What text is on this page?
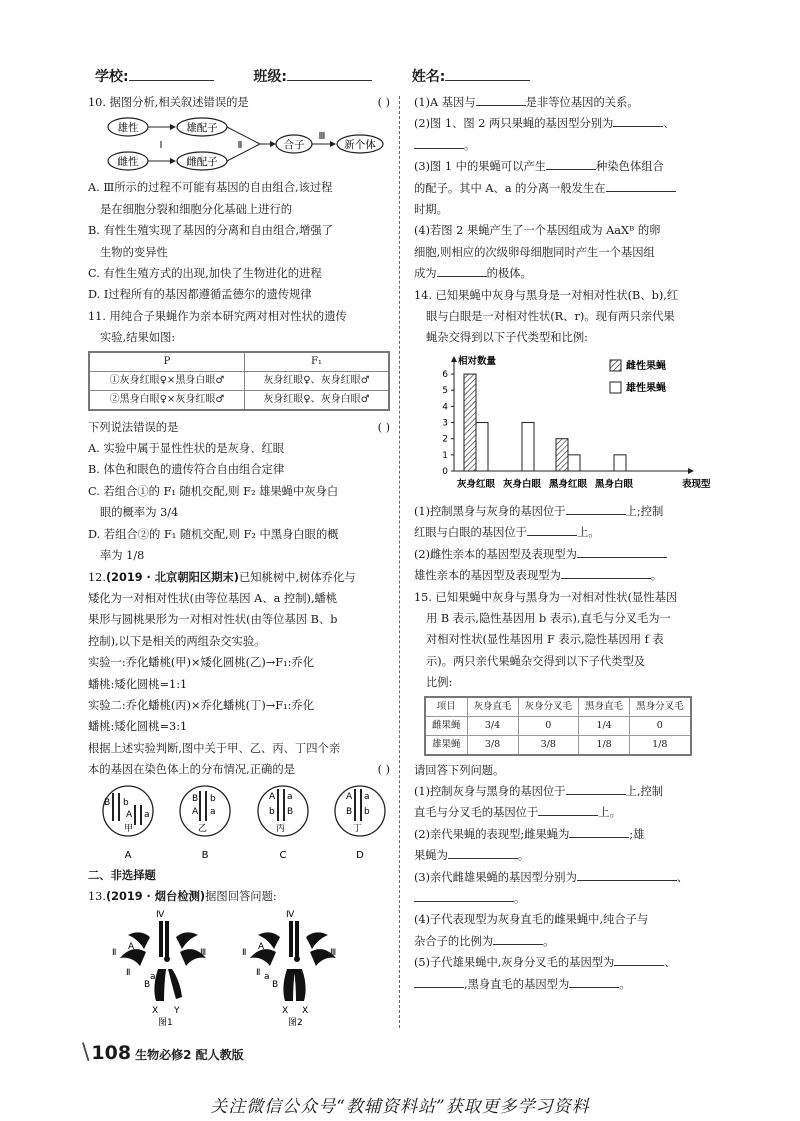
学校:	班级:	姓名:

10. 据图分析,相关叙述错误的是	( )

雄性
雌性
Ⅰ
雄配子
雌配子
Ⅱ	合子
Ⅲ
新个体

A. Ⅲ所示的过程不可能有基因的自由组合,该过程

是在细胞分裂和细胞分化基础上进行的

B. 有性生殖实现了基因的分离和自由组合,增强了

生物的变异性

C. 有性生殖方式的出现,加快了生物进化的进程

D. Ⅰ过程所有的基因都遵循孟德尔的遗传规律

11. 用纯合子果蝇作为亲本研究两对相对性状的遗传

实验,结果如图:

P	F₁
①灰身红眼♀×黑身白眼♂	灰身红眼♀、灰身红眼♂
②黑身白眼♀×灰身红眼♂	灰身红眼♀、灰身白眼♂

下列说法错误的是	( )

A. 实验中属于显性性状的是灰身、红眼

B. 体色和眼色的遗传符合自由组合定律

C. 若组合①的 F₁ 随机交配,则 F₂ 雄果蝇中灰身白

眼的概率为 3/4

D. 若组合②的 F₁ 随机交配,则 F₂ 中黑身白眼的概

率为 1/8

12.(2019 · 北京朝阳区期末)已知桃树中,树体乔化与

矮化为一对相对性状(由等位基因 A、a 控制),蟠桃

果形与圆桃果形为一对相对性状(由等位基因 B、b

控制),以下是相关的两组杂交实验。

实验一:乔化蟠桃(甲)×矮化圆桃(乙)→F₁:乔化

蟠桃:矮化圆桃=1:1

实验二:乔化蟠桃(丙)×乔化蟠桃(丁)→F₁:乔化

蟠桃:矮化圆桃=3:1

根据上述实验判断,图中关于甲、乙、丙、丁四个亲

本的基因在染色体上的分布情况,正确的是	( )

B b
A a
甲
A
B b
A a
乙
B
A a
b B
丙
C
A a
B b
丁
D

二、非选择题

13.(2019 · 烟台检测)据图回答问题:

Ⅳ
Ⅱ
A
Ⅲ
a
Ⅱ
B
X Y
图1
Ⅳ
Ⅱ
A
Ⅲ
a
Ⅱ
B
X X
图2

(1)A 基因与	是非等位基因的关系。

(2)图 1、图 2 两只果蝇的基因型分别为	、

。

(3)图 1 中的果蝇可以产生	种染色体组合

的配子。其中 A、a 的分离一般发生在

时期。

(4)若图 2 果蝇产生了一个基因组成为 AaXᴮ 的卵

细胞,则相应的次级卵母细胞同时产生一个基因组

成为	的极体。

14. 已知果蝇中灰身与黑身是一对相对性状(B、b),红

眼与白眼是一对相对性状(R、r)。现有两只亲代果

蝇杂交得到以下子代类型和比例:

0
1
2
3
4
5
6
相对数量
表现型
灰身红眼 灰身白眼 黑身红眼 黑身白眼
雌性果蝇
雄性果蝇

(1)控制黑身与灰身的基因位于	上;控制

红眼与白眼的基因位于	上。

(2)雌性亲本的基因型及表现型为

雄性亲本的基因型及表现型为	。

15. 已知果蝇中灰身与黑身为一对相对性状(显性基因

用 B 表示,隐性基因用 b 表示),直毛与分叉毛为一

对相对性状(显性基因用 F 表示,隐性基因用 f 表

示)。两只亲代果蝇杂交得到以下子代类型及

比例:

项目	灰身直毛	灰身分叉毛	黑身直毛	黑身分叉毛
雌果蝇	3/4	0	1/4	0
雄果蝇	3/8	3/8	1/8	1/8

请回答下列问题。

(1)控制灰身与黑身的基因位于	上,控制

直毛与分叉毛的基因位于	上。

(2)亲代果蝇的表现型;雌果蝇为	;雄

果蝇为	。

(3)亲代雌雄果蝇的基因型分别为	、

。

(4)子代表现型为灰身直毛的雌果蝇中,纯合子与

杂合子的比例为	。

(5)子代雄果蝇中,灰身分叉毛的基因型为	、

,黑身直毛的基因型为	。

\ 108 生物必修2 配人教版
关注微信公众号“教辅资料站”获取更多学习资料
